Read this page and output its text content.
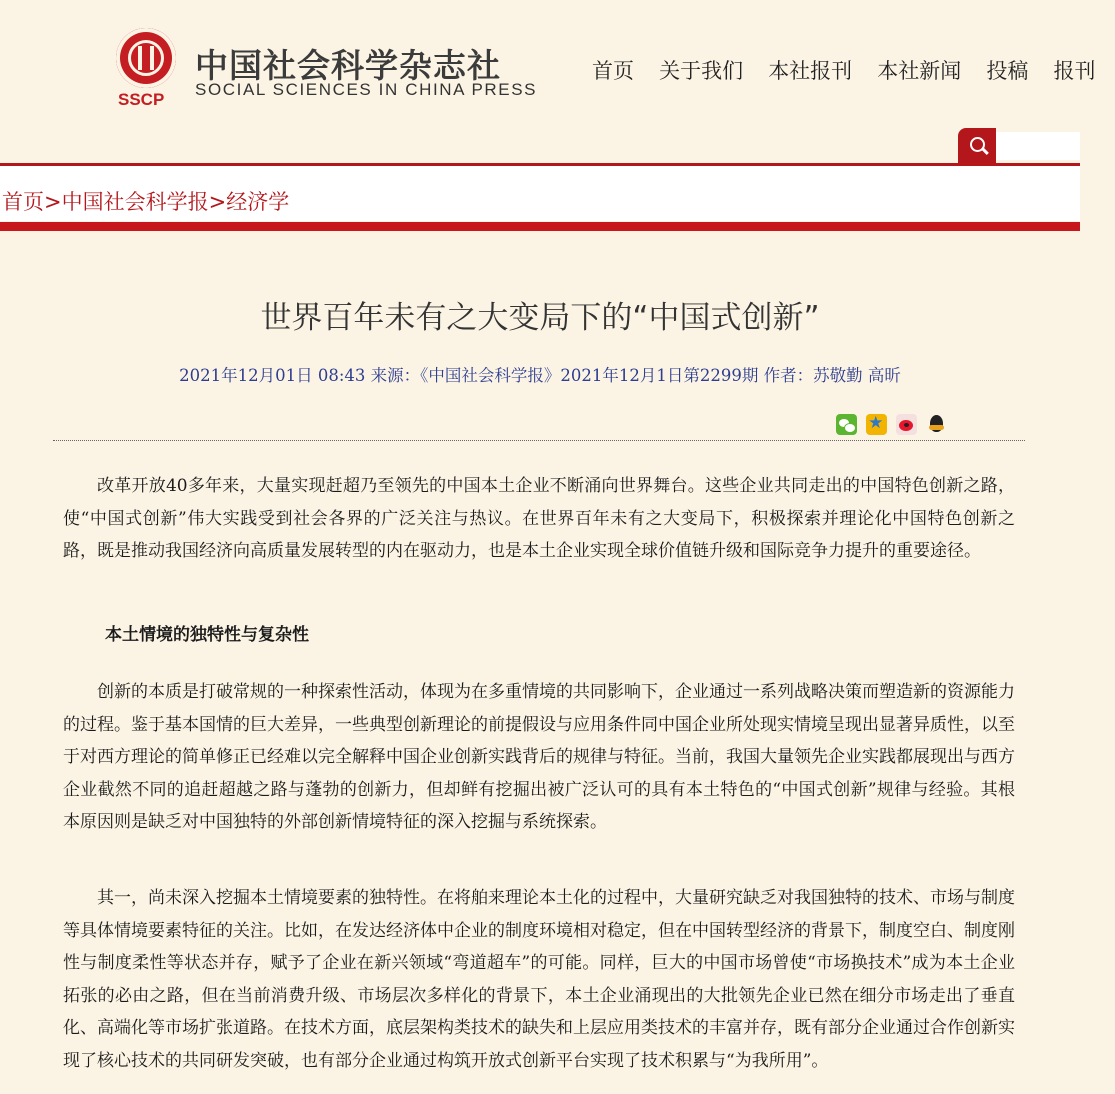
SSCP
中国社会科学杂志社
SOCIAL SCIENCES IN CHINA PRESS
首页 关于我们 本社报刊 本社新闻 投稿 报刊
首页>中国社会科学报>经济学
世界百年未有之大变局下的“中国式创新”
2021年12月01日 08:43 来源：《中国社会科学报》2021年12月1日第2299期 作者：苏敬勤 高昕
★

改革开放40多年来，大量实现赶超乃至领先的中国本土企业不断涌向世界舞台。这些企业共同走出的中国特色创新之路，使“中国式创新”伟大实践受到社会各界的广泛关注与热议。在世界百年未有之大变局下，积极探索并理论化中国特色创新之路，既是推动我国经济向高质量发展转型的内在驱动力，也是本土企业实现全球价值链升级和国际竞争力提升的重要途径。

本土情境的独特性与复杂性

创新的本质是打破常规的一种探索性活动，体现为在多重情境的共同影响下，企业通过一系列战略决策而塑造新的资源能力的过程。鉴于基本国情的巨大差异，一些典型创新理论的前提假设与应用条件同中国企业所处现实情境呈现出显著异质性，以至于对西方理论的简单修正已经难以完全解释中国企业创新实践背后的规律与特征。当前，我国大量领先企业实践都展现出与西方企业截然不同的追赶超越之路与蓬勃的创新力，但却鲜有挖掘出被广泛认可的具有本土特色的“中国式创新”规律与经验。其根本原因则是缺乏对中国独特的外部创新情境特征的深入挖掘与系统探索。

其一，尚未深入挖掘本土情境要素的独特性。在将舶来理论本土化的过程中，大量研究缺乏对我国独特的技术、市场与制度等具体情境要素特征的关注。比如，在发达经济体中企业的制度环境相对稳定，但在中国转型经济的背景下，制度空白、制度刚性与制度柔性等状态并存，赋予了企业在新兴领域“弯道超车”的可能。同样，巨大的中国市场曾使“市场换技术”成为本土企业拓张的必由之路，但在当前消费升级、市场层次多样化的背景下，本土企业涌现出的大批领先企业已然在细分市场走出了垂直化、高端化等市场扩张道路。在技术方面，底层架构类技术的缺失和上层应用类技术的丰富并存，既有部分企业通过合作创新实现了核心技术的共同研发突破，也有部分企业通过构筑开放式创新平台实现了技术积累与“为我所用”。
